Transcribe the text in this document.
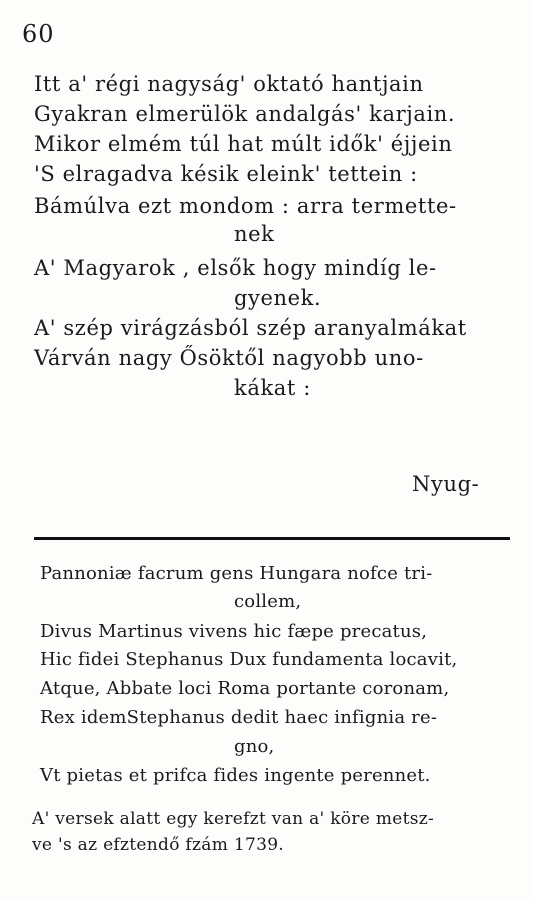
60
Itt a' régi nagyság' oktató hantjain
Gyakran elmerülök andalgás' karjain.
Mikor elmém túl hat múlt idők' éjjein
'S elragadva késik eleink' tettein :
Bámúlva ezt mondom : arra termette-
nek
A' Magyarok , elsők hogy mindíg le-
gyenek.
A' szép virágzásból szép aranyalmákat
Várván nagy Ősöktől nagyobb uno-
kákat :
Nyug-
Pannoniæ facrum gens Hungara nofce tri-
collem,
Divus Martinus vivens hic fæpe precatus,
Hic fidei Stephanus Dux fundamenta locavit,
Atque, Abbate loci Roma portante coronam,
Rex idemStephanus dedit haec infignia re-
gno,
Vt pietas et prifca fides ingente perennet.
A' versek alatt egy kerefzt van a' köre metsz-
ve 's az efztendő fzám 1739.
